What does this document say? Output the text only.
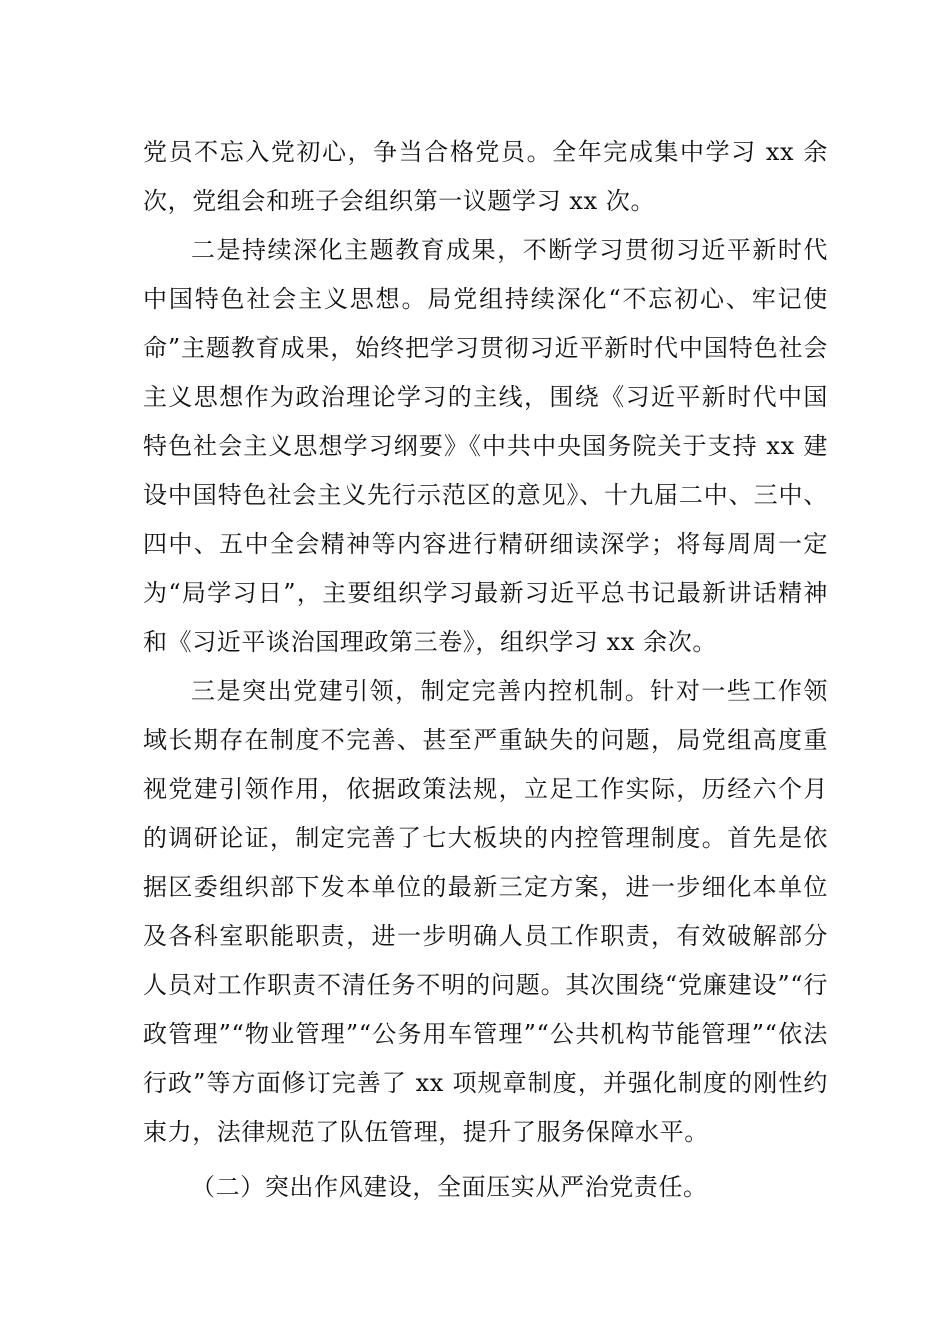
党员不忘入党初心，争当合格党员。全年完成集中学习 xx 余次，党组会和班子会组织第一议题学习 xx 次。

二是持续深化主题教育成果，不断学习贯彻习近平新时代中国特色社会主义思想。局党组持续深化“不忘初心、牢记使命”主题教育成果，始终把学习贯彻习近平新时代中国特色社会主义思想作为政治理论学习的主线，围绕《习近平新时代中国特色社会主义思想学习纲要》《中共中央国务院关于支持 xx 建设中国特色社会主义先行示范区的意见》、十九届二中、三中、四中、五中全会精神等内容进行精研细读深学；将每周周一定为“局学习日”，主要组织学习最新习近平总书记最新讲话精神和《习近平谈治国理政第三卷》，组织学习 xx 余次。

三是突出党建引领，制定完善内控机制。针对一些工作领域长期存在制度不完善、甚至严重缺失的问题，局党组高度重视党建引领作用，依据政策法规，立足工作实际，历经六个月的调研论证，制定完善了七大板块的内控管理制度。首先是依据区委组织部下发本单位的最新三定方案，进一步细化本单位及各科室职能职责，进一步明确人员工作职责，有效破解部分人员对工作职责不清任务不明的问题。其次围绕“党廉建设”“行政管理”“物业管理”“公务用车管理”“公共机构节能管理”“依法行政”等方面修订完善了 xx 项规章制度，并强化制度的刚性约束力，法律规范了队伍管理，提升了服务保障水平。

（二）突出作风建设，全面压实从严治党责任。
